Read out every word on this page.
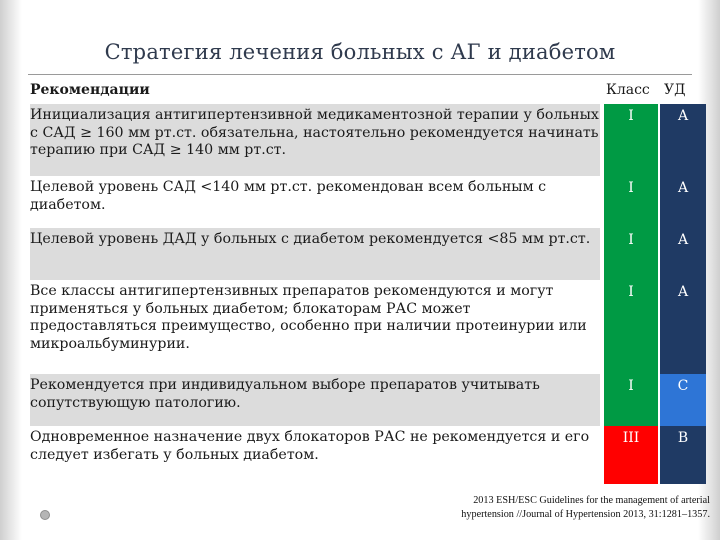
Стратегия лечения больных с АГ и диабетом
Рекомендации	Класс УД
Инициализация антигипертензивной медикаментозной терапии у больных с САД ≥ 160 мм рт.ст. обязательна, настоятельно рекомендуется начинать терапию при САД ≥ 140 мм рт.ст.
I	A
Целевой уровень САД <140 мм рт.ст. рекомендован всем больным с диабетом.
I	A
Целевой уровень ДАД у больных с диабетом рекомендуется <85 мм рт.ст.	I	A
Все классы антигипертензивных препаратов рекомендуются и могут применяться у больных диабетом; блокаторам РАС может предоставляться преимущество, особенно при наличии протеинурии или микроальбуминурии.
I	A
Рекомендуется при индивидуальном выборе препаратов учитывать сопутствующую патологию.
I	C
Одновременное назначение двух блокаторов РАС не рекомендуется и его следует избегать у больных диабетом.
III	B
2013 ESH/ESC Guidelines for the management of arterial
hypertension //Journal of Hypertension 2013, 31:1281–1357.
